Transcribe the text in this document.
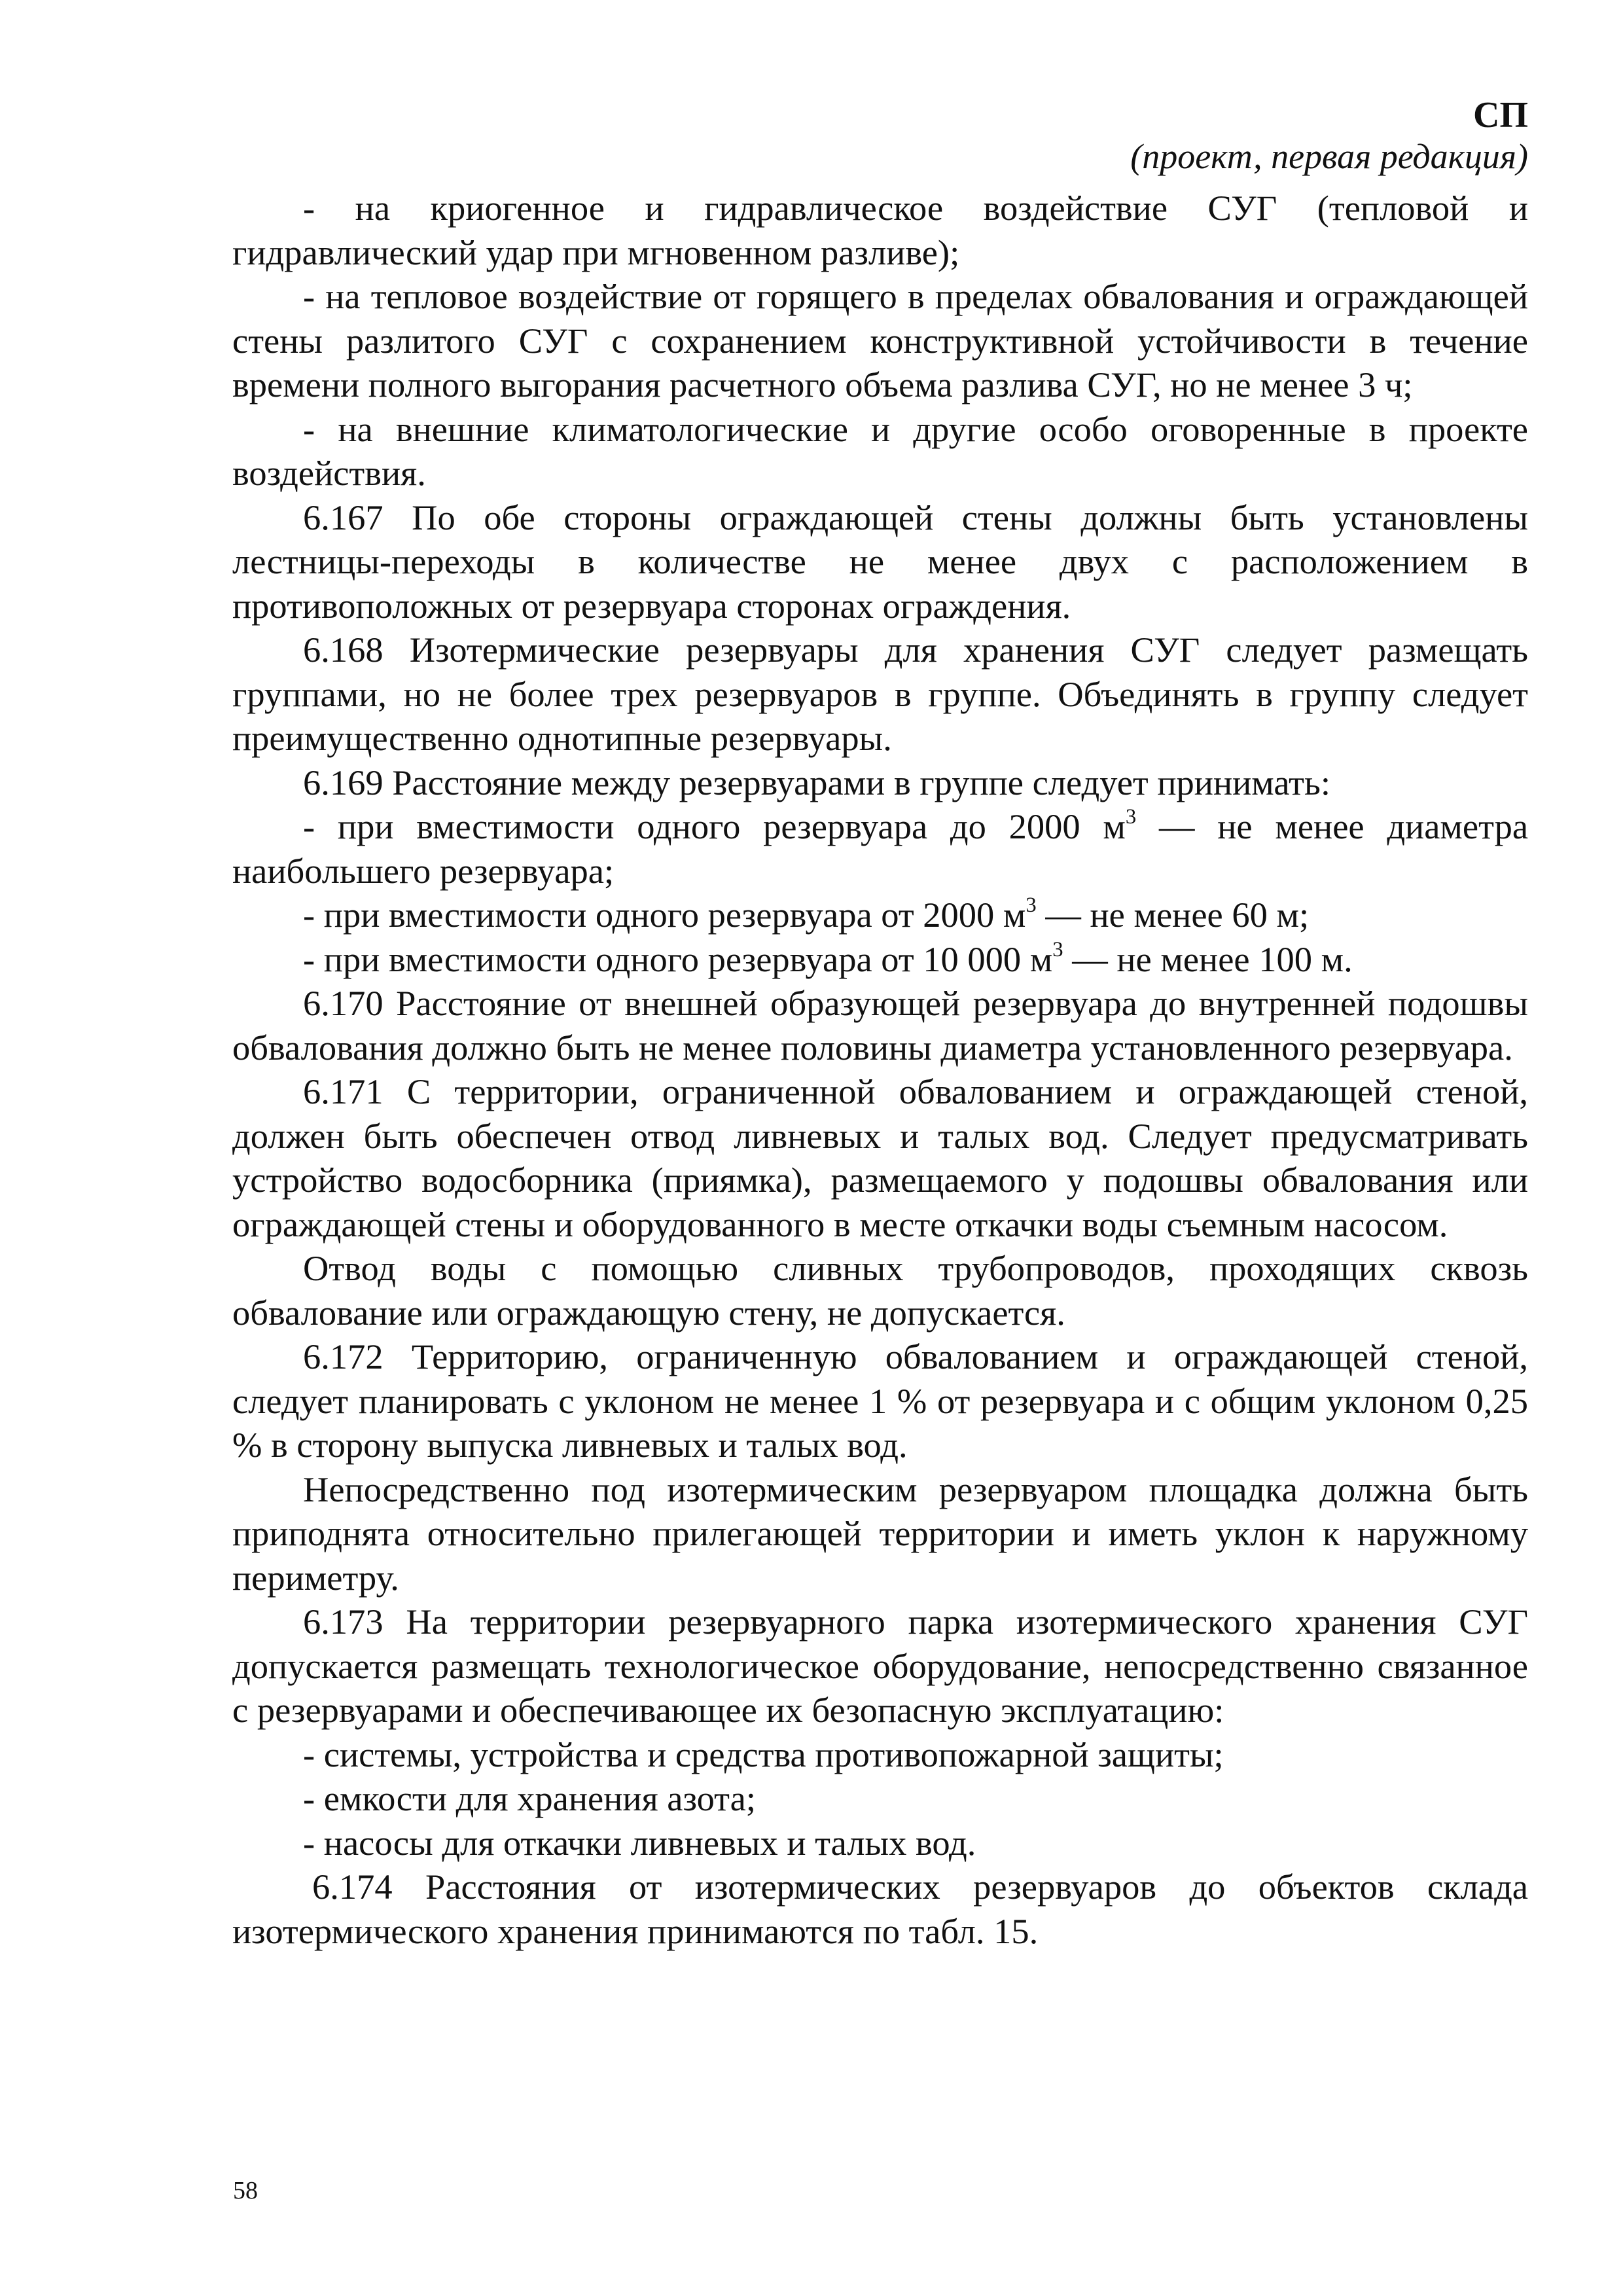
СП
(проект, первая редакция)

- на криогенное и гидравлическое воздействие СУГ (тепловой и гидравлический удар при мгновенном разливе);

- на тепловое воздействие от горящего в пределах обвалования и ограждающей стены разлитого СУГ с сохранением конструктивной устойчивости в течение времени полного выгорания расчетного объема разлива СУГ, но не менее 3 ч;

- на внешние климатологические и другие особо оговоренные в проекте воздействия.

6.167 По обе стороны ограждающей стены должны быть установлены лестницы-переходы в количестве не менее двух с расположением в противоположных от резервуара сторонах ограждения.

6.168 Изотермические резервуары для хранения СУГ следует размещать группами, но не более трех резервуаров в группе. Объединять в группу следует преимущественно однотипные резервуары.

6.169 Расстояние между резервуарами в группе следует принимать:

- при вместимости одного резервуара до 2000 $м^3$ — не менее диаметра наибольшего резервуара;

- при вместимости одного резервуара от 2000 $м^3$ — не менее 60 м;

- при вместимости одного резервуара от 10 000 $м^3$ — не менее 100 м.

6.170 Расстояние от внешней образующей резервуара до внутренней подошвы обвалования должно быть не менее половины диаметра установленного резервуара.

6.171 С территории, ограниченной обвалованием и ограждающей стеной, должен быть обеспечен отвод ливневых и талых вод. Следует предусматривать устройство водосборника (приямка), размещаемого у подошвы обвалования или ограждающей стены и оборудованного в месте откачки воды съемным насосом.

Отвод воды с помощью сливных трубопроводов, проходящих сквозь обвалование или ограждающую стену, не допускается.

6.172 Территорию, ограниченную обвалованием и ограждающей стеной, следует планировать с уклоном не менее 1 % от резервуара и с общим уклоном 0,25 % в сторону выпуска ливневых и талых вод.

Непосредственно под изотермическим резервуаром площадка должна быть приподнята относительно прилегающей территории и иметь уклон к наружному периметру.

6.173 На территории резервуарного парка изотермического хранения СУГ допускается размещать технологическое оборудование, непосредственно связанное с резервуарами и обеспечивающее их безопасную эксплуатацию:

- системы, устройства и средства противопожарной защиты;

- емкости для хранения азота;

- насосы для откачки ливневых и талых вод.

6.174 Расстояния от изотермических резервуаров до объектов склада изотермического хранения принимаются по табл. 15.

58
